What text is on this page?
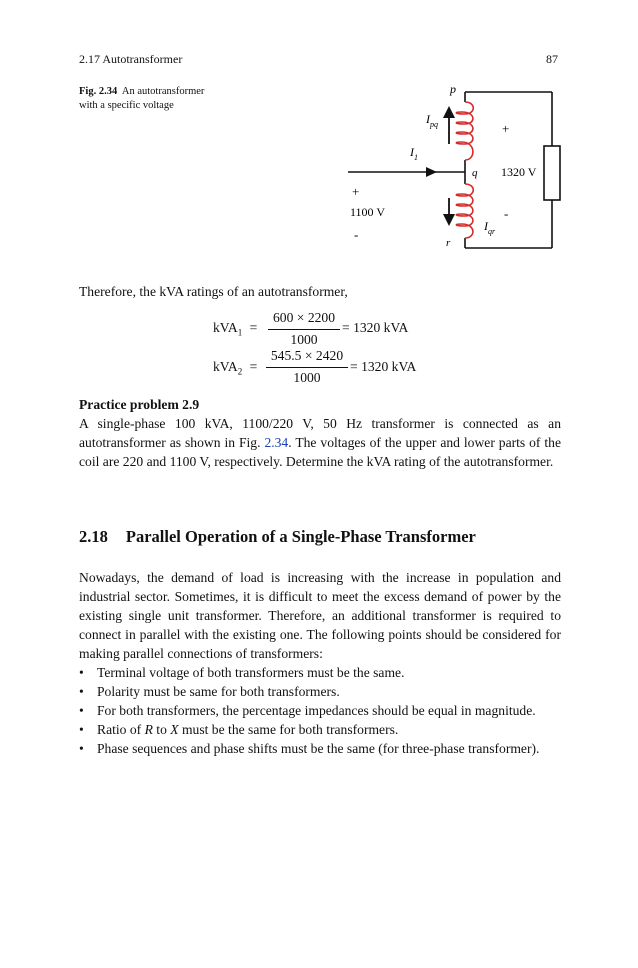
2.17 Autotransformer	87
Fig. 2.34 An autotransformer with a specific voltage
p
q
r
$I_{pq}$
$I_1$
$I_{qr}$
+
-
1320 V
+
1100 V
-
Therefore, the kVA ratings of an autotransformer,
kVA$_1$ =
600 × 2200
1000
= 1320 kVA
kVA$_2$ =
545.5 × 2420
1000
= 1320 kVA
Practice problem 2.9
A single-phase 100 kVA, 1100/220 V, 50 Hz transformer is connected as an autotransformer as shown in Fig. 2.34. The voltages of the upper and lower parts of the coil are 220 and 1100 V, respectively. Determine the kVA rating of the autotransformer.
2.18 Parallel Operation of a Single-Phase Transformer
Nowadays, the demand of load is increasing with the increase in population and industrial sector. Sometimes, it is difficult to meet the excess demand of power by the existing single unit transformer. Therefore, an additional transformer is required to connect in parallel with the existing one. The following points should be considered for making parallel connections of transformers:
• Terminal voltage of both transformers must be the same.
• Polarity must be same for both transformers.
• For both transformers, the percentage impedances should be equal in magnitude.
• Ratio of R to X must be the same for both transformers.
• Phase sequences and phase shifts must be the same (for three-phase transformer).
